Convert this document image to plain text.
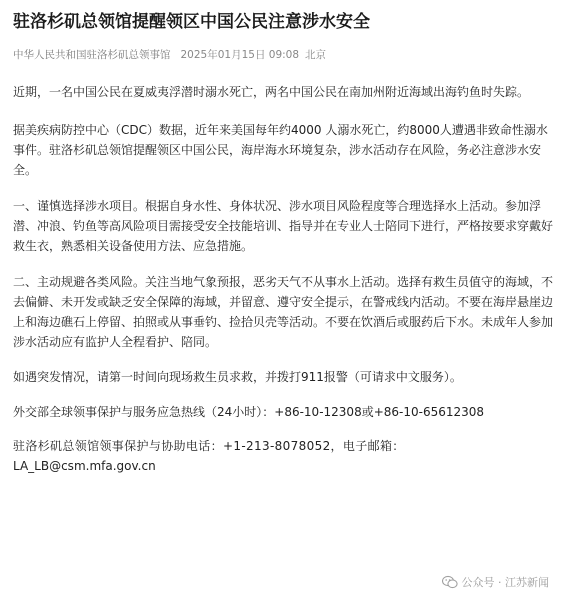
驻洛杉矶总领馆提醒领区中国公民注意涉水安全
中华人民共和国驻洛杉矶总领事馆 2025年01月15日 09:08 北京

近期，一名中国公民在夏威夷浮潜时溺水死亡，两名中国公民在南加州附近海域出海钓鱼时失踪。

据美疾病防控中心（CDC）数据，近年来美国每年约4000 人溺水死亡，约8000人遭遇非致命性溺水事件。驻洛杉矶总领馆提醒领区中国公民，海岸海水环境复杂，涉水活动存在风险，务必注意涉水安全。

一、谨慎选择涉水项目。根据自身水性、身体状况、涉水项目风险程度等合理选择水上活动。参加浮潜、冲浪、钓鱼等高风险项目需接受安全技能培训、指导并在专业人士陪同下进行，严格按要求穿戴好救生衣，熟悉相关设备使用方法、应急措施。

二、主动规避各类风险。关注当地气象预报，恶劣天气不从事水上活动。选择有救生员值守的海域，不去偏僻、未开发或缺乏安全保障的海域，并留意、遵守安全提示，在警戒线内活动。不要在海岸悬崖边上和海边礁石上停留、拍照或从事垂钓、捡拾贝壳等活动。不要在饮酒后或服药后下水。未成年人参加涉水活动应有监护人全程看护、陪同。

如遇突发情况，请第一时间向现场救生员求救，并拨打911报警（可请求中文服务）。

外交部全球领事保护与服务应急热线（24小时）：+86-10-12308或+86-10-65612308

驻洛杉矶总领馆领事保护与协助电话：+1-213-8078052，电子邮箱：
LA_LB@csm.mfa.gov.cn

公众号 · 江苏新闻
